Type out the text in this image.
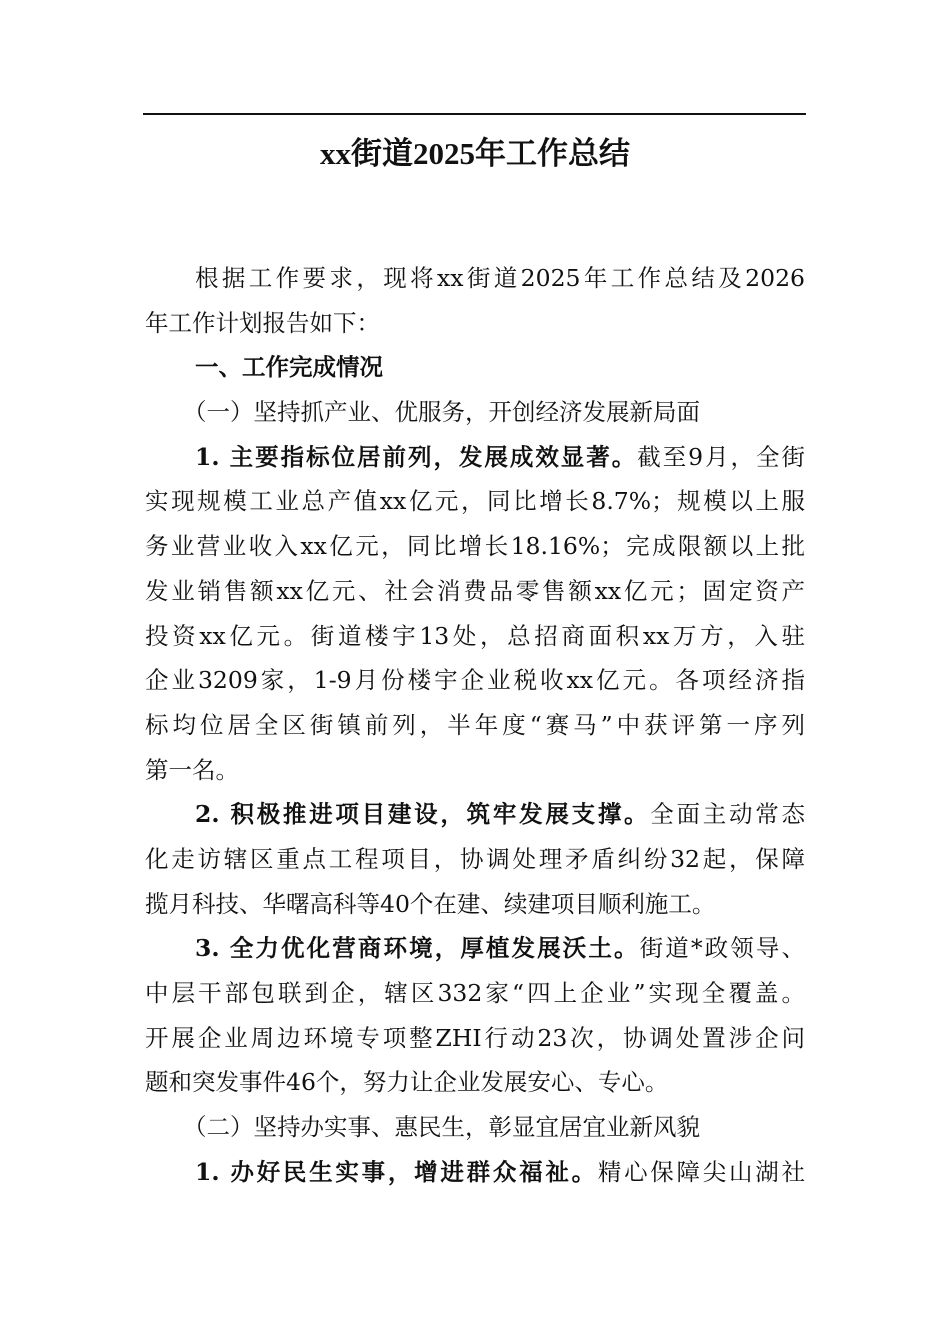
xx街道2025年工作总结
根据工作要求，现将xx街道2025年工作总结及2026
年工作计划报告如下：
一、工作完成情况
（一）坚持抓产业、优服务，开创经济发展新局面
1. 主要指标位居前列，发展成效显著。截至9月，全街
实现规模工业总产值xx亿元，同比增长8.7%；规模以上服
务业营业收入xx亿元，同比增长18.16%；完成限额以上批
发业销售额xx亿元、社会消费品零售额xx亿元；固定资产
投资xx亿元。街道楼宇13处，总招商面积xx万方，入驻
企业3209家，1-9月份楼宇企业税收xx亿元。各项经济指
标均位居全区街镇前列，半年度“赛马”中获评第一序列
第一名。
2. 积极推进项目建设，筑牢发展支撑。全面主动常态
化走访辖区重点工程项目，协调处理矛盾纠纷32起，保障
揽月科技、华曙高科等40个在建、续建项目顺利施工。
3. 全力优化营商环境，厚植发展沃土。街道*政领导、
中层干部包联到企，辖区332家“四上企业”实现全覆盖。
开展企业周边环境专项整ZHI行动23次，协调处置涉企问
题和突发事件46个，努力让企业发展安心、专心。
（二）坚持办实事、惠民生，彰显宜居宜业新风貌
1. 办好民生实事，增进群众福祉。精心保障尖山湖社
